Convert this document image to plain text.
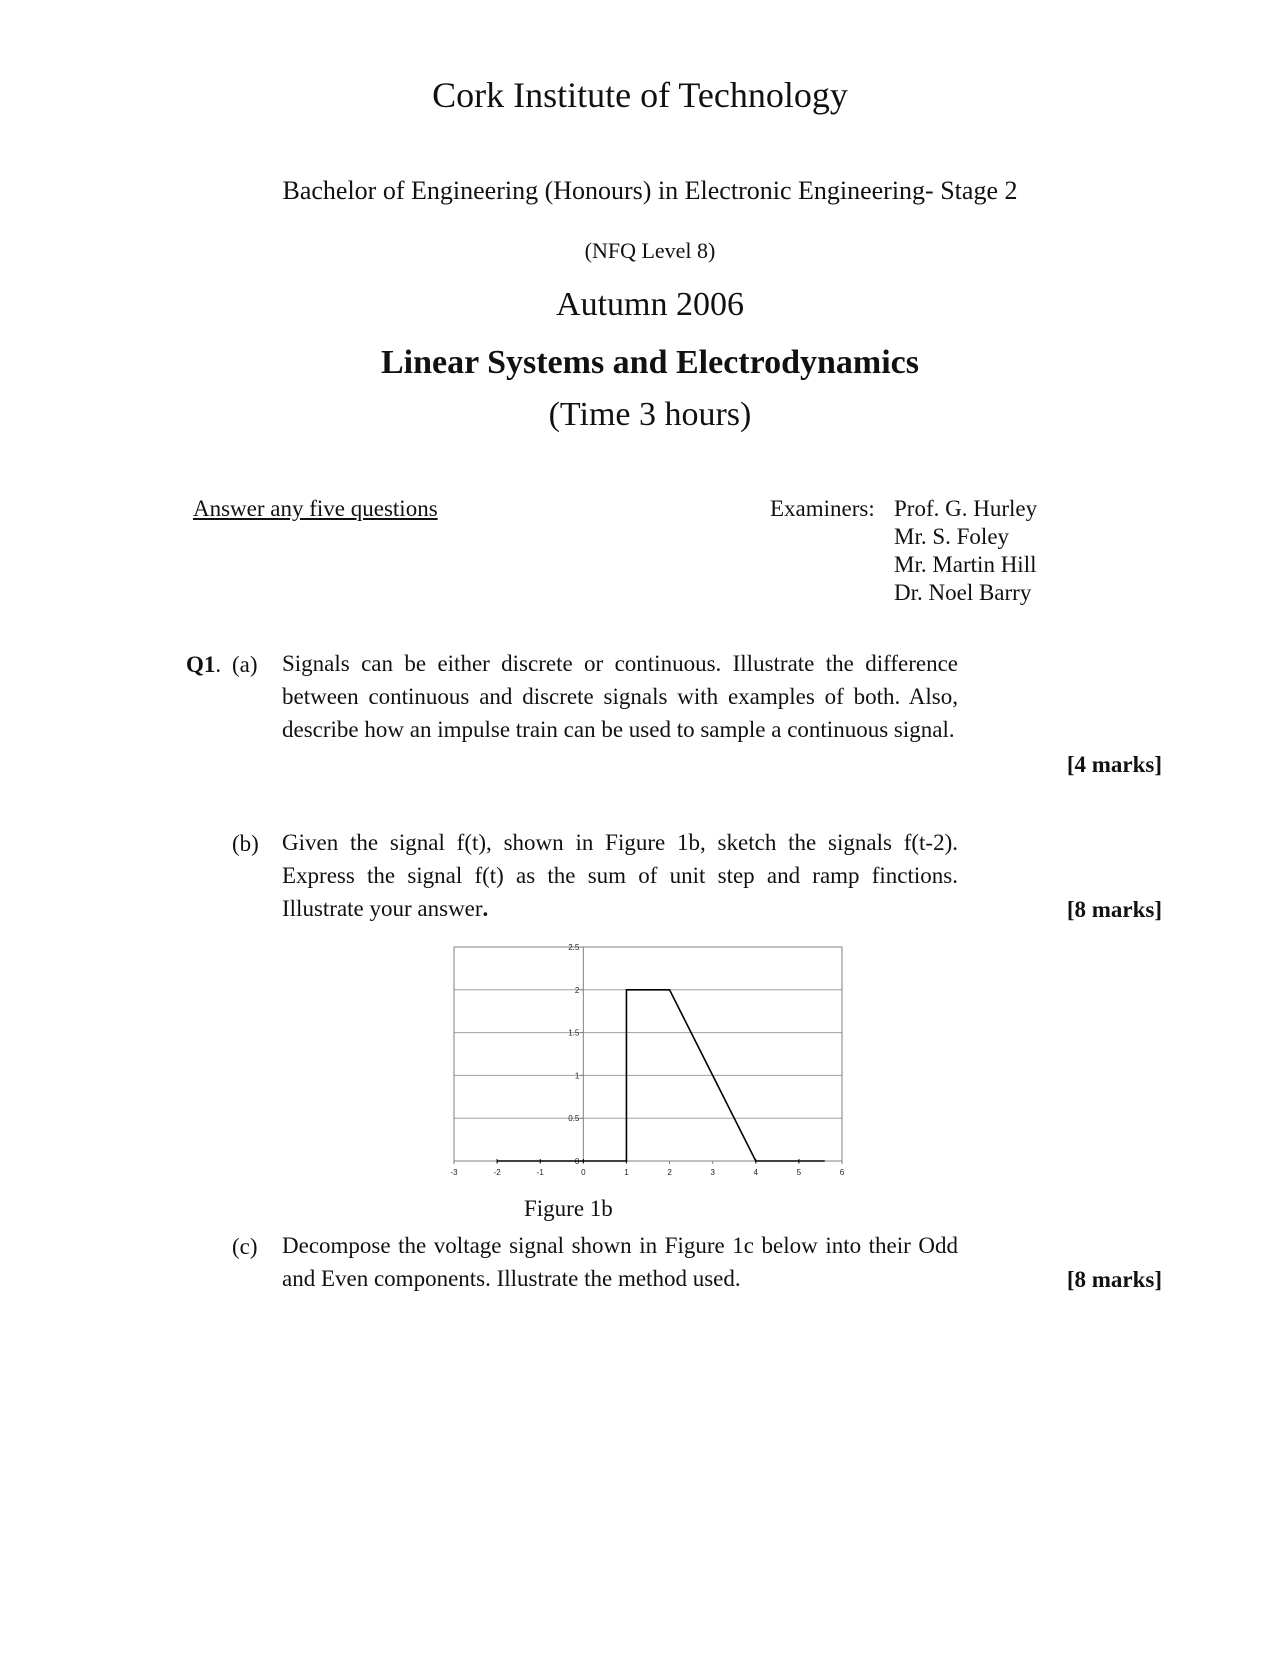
Cork Institute of Technology
Bachelor of Engineering (Honours) in Electronic Engineering- Stage 2
(NFQ Level 8)
Autumn 2006
Linear Systems and Electrodynamics
(Time 3 hours)
Answer any five questions	Examiners: Prof. G. Hurley
Mr. S. Foley
Mr. Martin Hill
Dr. Noel Barry
Q1. (a) Signals can be either discrete or continuous. Illustrate the difference between continuous and discrete signals with examples of both. Also, describe how an impulse train can be used to sample a continuous signal.
[4 marks]
(b) Given the signal f(t), shown in Figure 1b, sketch the signals f(t-2). Express the signal f(t) as the sum of unit step and ramp finctions. Illustrate your answer.	[8 marks]
0
0.5
1
1.5
2
2.5
-3	-2	-1	0	1	2	3	4	5	6
Figure 1b
(c) Decompose the voltage signal shown in Figure 1c below into their Odd and Even components. Illustrate the method used.	[8 marks]
